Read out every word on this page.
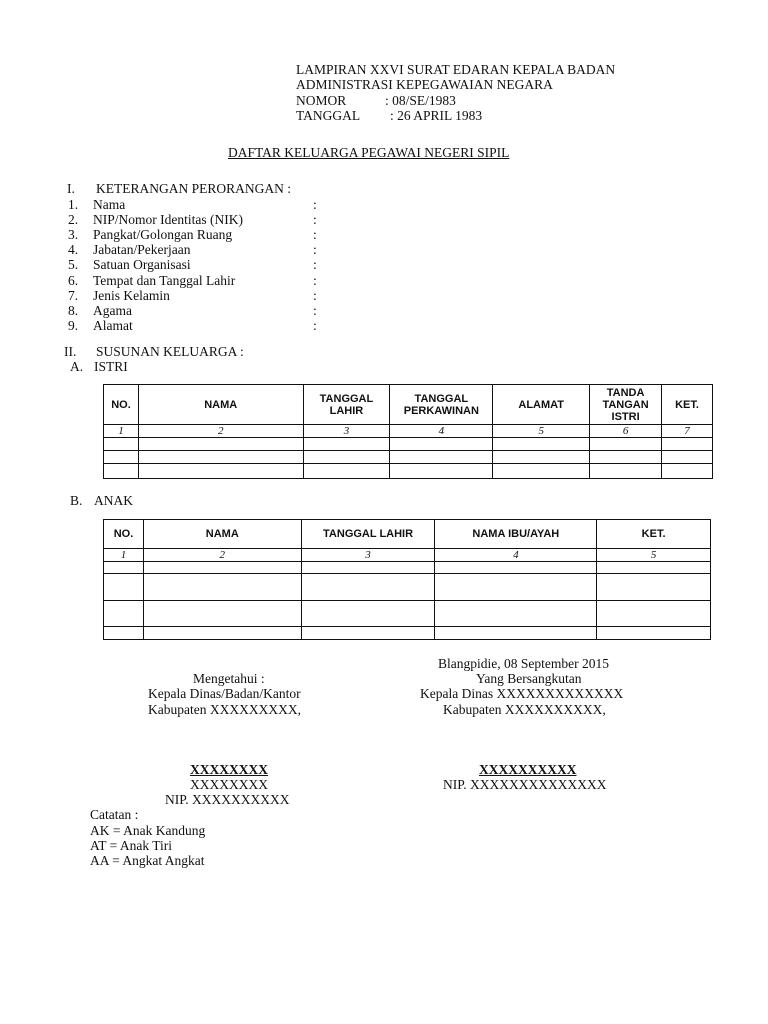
LAMPIRAN XXVI SURAT EDARAN KEPALA BADAN
ADMINISTRASI KEPEGAWAIAN NEGARA
NOMOR	: 08/SE/1983
TANGGAL : 26 APRIL 1983
DAFTAR KELUARGA PEGAWAI NEGERI SIPIL
I. KETERANGAN PERORANGAN :
1. Nama	:
2. NIP/Nomor Identitas (NIK)	:
3. Pangkat/Golongan Ruang	:
4. Jabatan/Pekerjaan	:
5. Satuan Organisasi	:
6. Tempat dan Tanggal Lahir	:
7. Jenis Kelamin	:
8. Agama	:
9. Alamat	:
II. SUSUNAN KELUARGA :
A. ISTRI
NO.	NAMA	TANGGAL LAHIR	TANGGAL PERKAWINAN	ALAMAT	TANDA TANGAN ISTRI	KET.
1	2	3	4	5	6	7

B. ANAK
NO.	NAMA	TANGGAL LAHIR	NAMA IBU/AYAH	KET.
1	2	3	4	5

Blangpidie, 08 September 2015
Mengetahui :
Kepala Dinas/Badan/Kantor
Kabupaten XXXXXXXXX,
Yang Bersangkutan
Kepala Dinas XXXXXXXXXXXXX
Kabupaten XXXXXXXXXX,
XXXXXXXX
XXXXXXXX
NIP. XXXXXXXXXX
XXXXXXXXXX
NIP. XXXXXXXXXXXXXX
Catatan :
AK = Anak Kandung
AT = Anak Tiri
AA = Angkat Angkat
